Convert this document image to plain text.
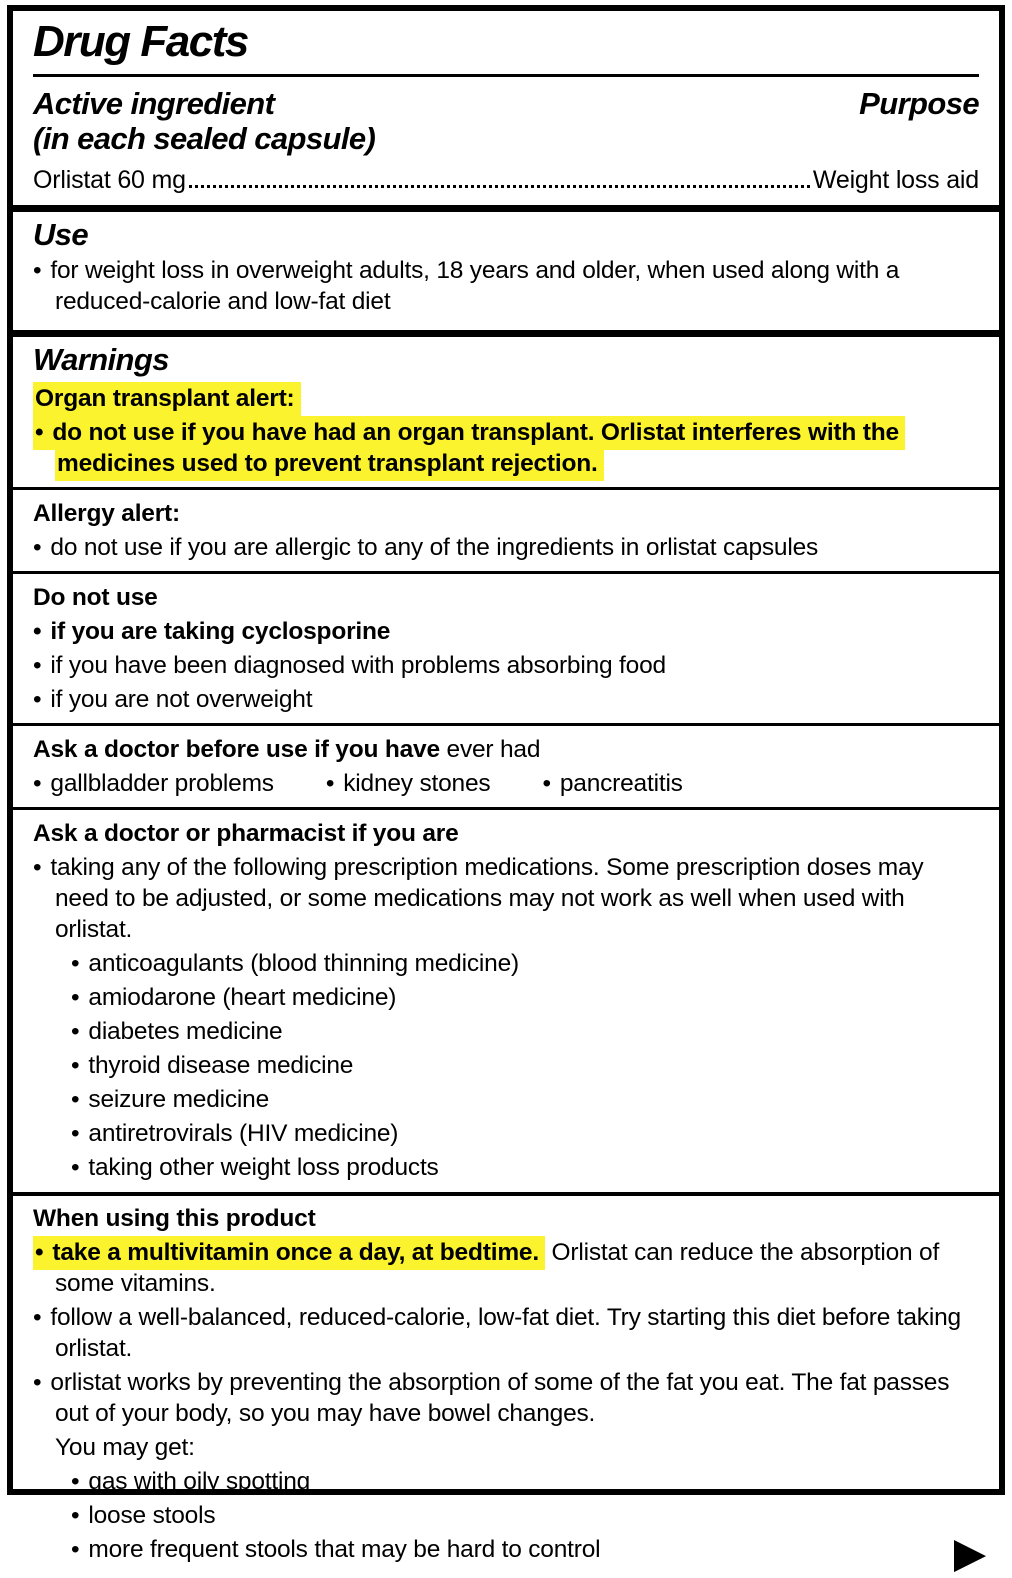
Drug Facts
Active ingredient
(in each sealed capsule)
Purpose
Orlistat 60 mg	Weight loss aid
Use

• for weight loss in overweight adults, 18 years and older, when used along with a reduced-calorie and low-fat diet

Warnings

Organ transplant alert:

• do not use if you have had an organ transplant. Orlistat interferes with the medicines used to prevent transplant rejection.

Allergy alert:

• do not use if you are allergic to any of the ingredients in orlistat capsules

Do not use

• if you are taking cyclosporine

• if you have been diagnosed with problems absorbing food

• if you are not overweight

Ask a doctor before use if you have ever had

• gallbladder problems •	kidney stones •	pancreatitis

Ask a doctor or pharmacist if you are

• taking any of the following prescription medications. Some prescription doses may need to be adjusted, or some medications may not work as well when used with orlistat.

• anticoagulants (blood thinning medicine)

• amiodarone (heart medicine)

• diabetes medicine

• thyroid disease medicine

• seizure medicine

• antiretrovirals (HIV medicine)

• taking other weight loss products

When using this product

• take a multivitamin once a day, at bedtime. Orlistat can reduce the absorption of some vitamins.

• follow a well-balanced, reduced-calorie, low-fat diet. Try starting this diet before taking orlistat.

• orlistat works by preventing the absorption of some of the fat you eat. The fat passes out of your body, so you may have bowel changes.

You may get:

• gas with oily spotting

• loose stools

• more frequent stools that may be hard to control	▶
